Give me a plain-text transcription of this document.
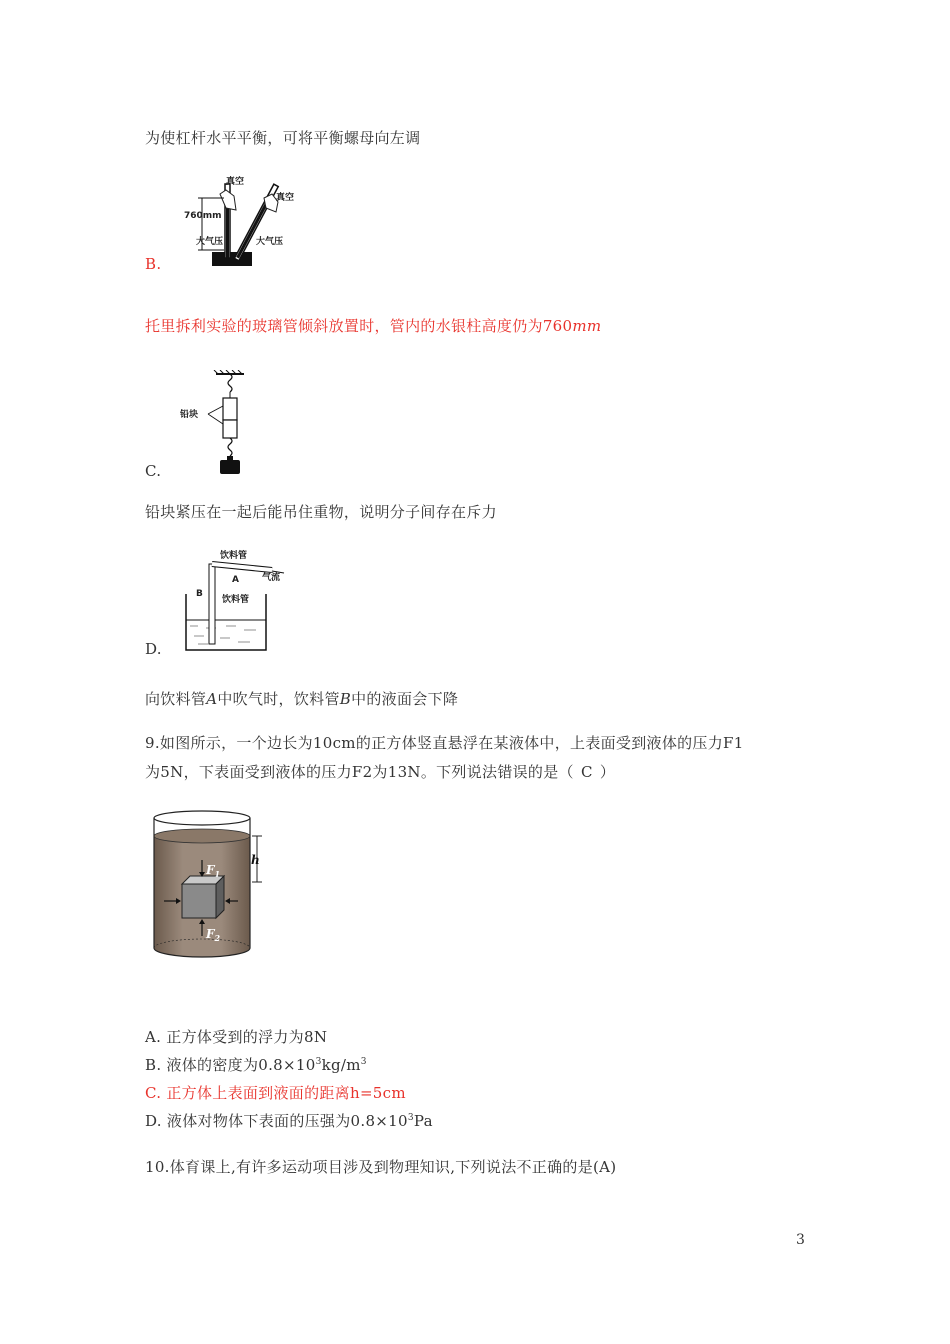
为使杠杆水平平衡，可将平衡螺母向左调
真空
真空
760mm
大气压	大气压
B.
托里拆利实验的玻璃管倾斜放置时，管内的水银柱高度仍为760mm
铅块
C.
铅块紧压在一起后能吊住重物，说明分子间存在斥力
饮料管
A	气流
B
饮料管
D.
向饮料管A中吹气时，饮料管B中的液面会下降
9.如图所示，一个边长为10cm的正方体竖直悬浮在某液体中，上表面受到液体的压力F1
为5N，下表面受到液体的压力F2为13N。下列说法错误的是（ C ）
h
$F_1$
$F_2$
A. 正方体受到的浮力为8N
B. 液体的密度为$0.8\times 10^3kg/m^3$
C. 正方体上表面到液面的距离h=5cm
D. 液体对物体下表面的压强为$0.8\times 10^3Pa$
10.体育课上,有许多运动项目涉及到物理知识,下列说法不正确的是(A)
3
